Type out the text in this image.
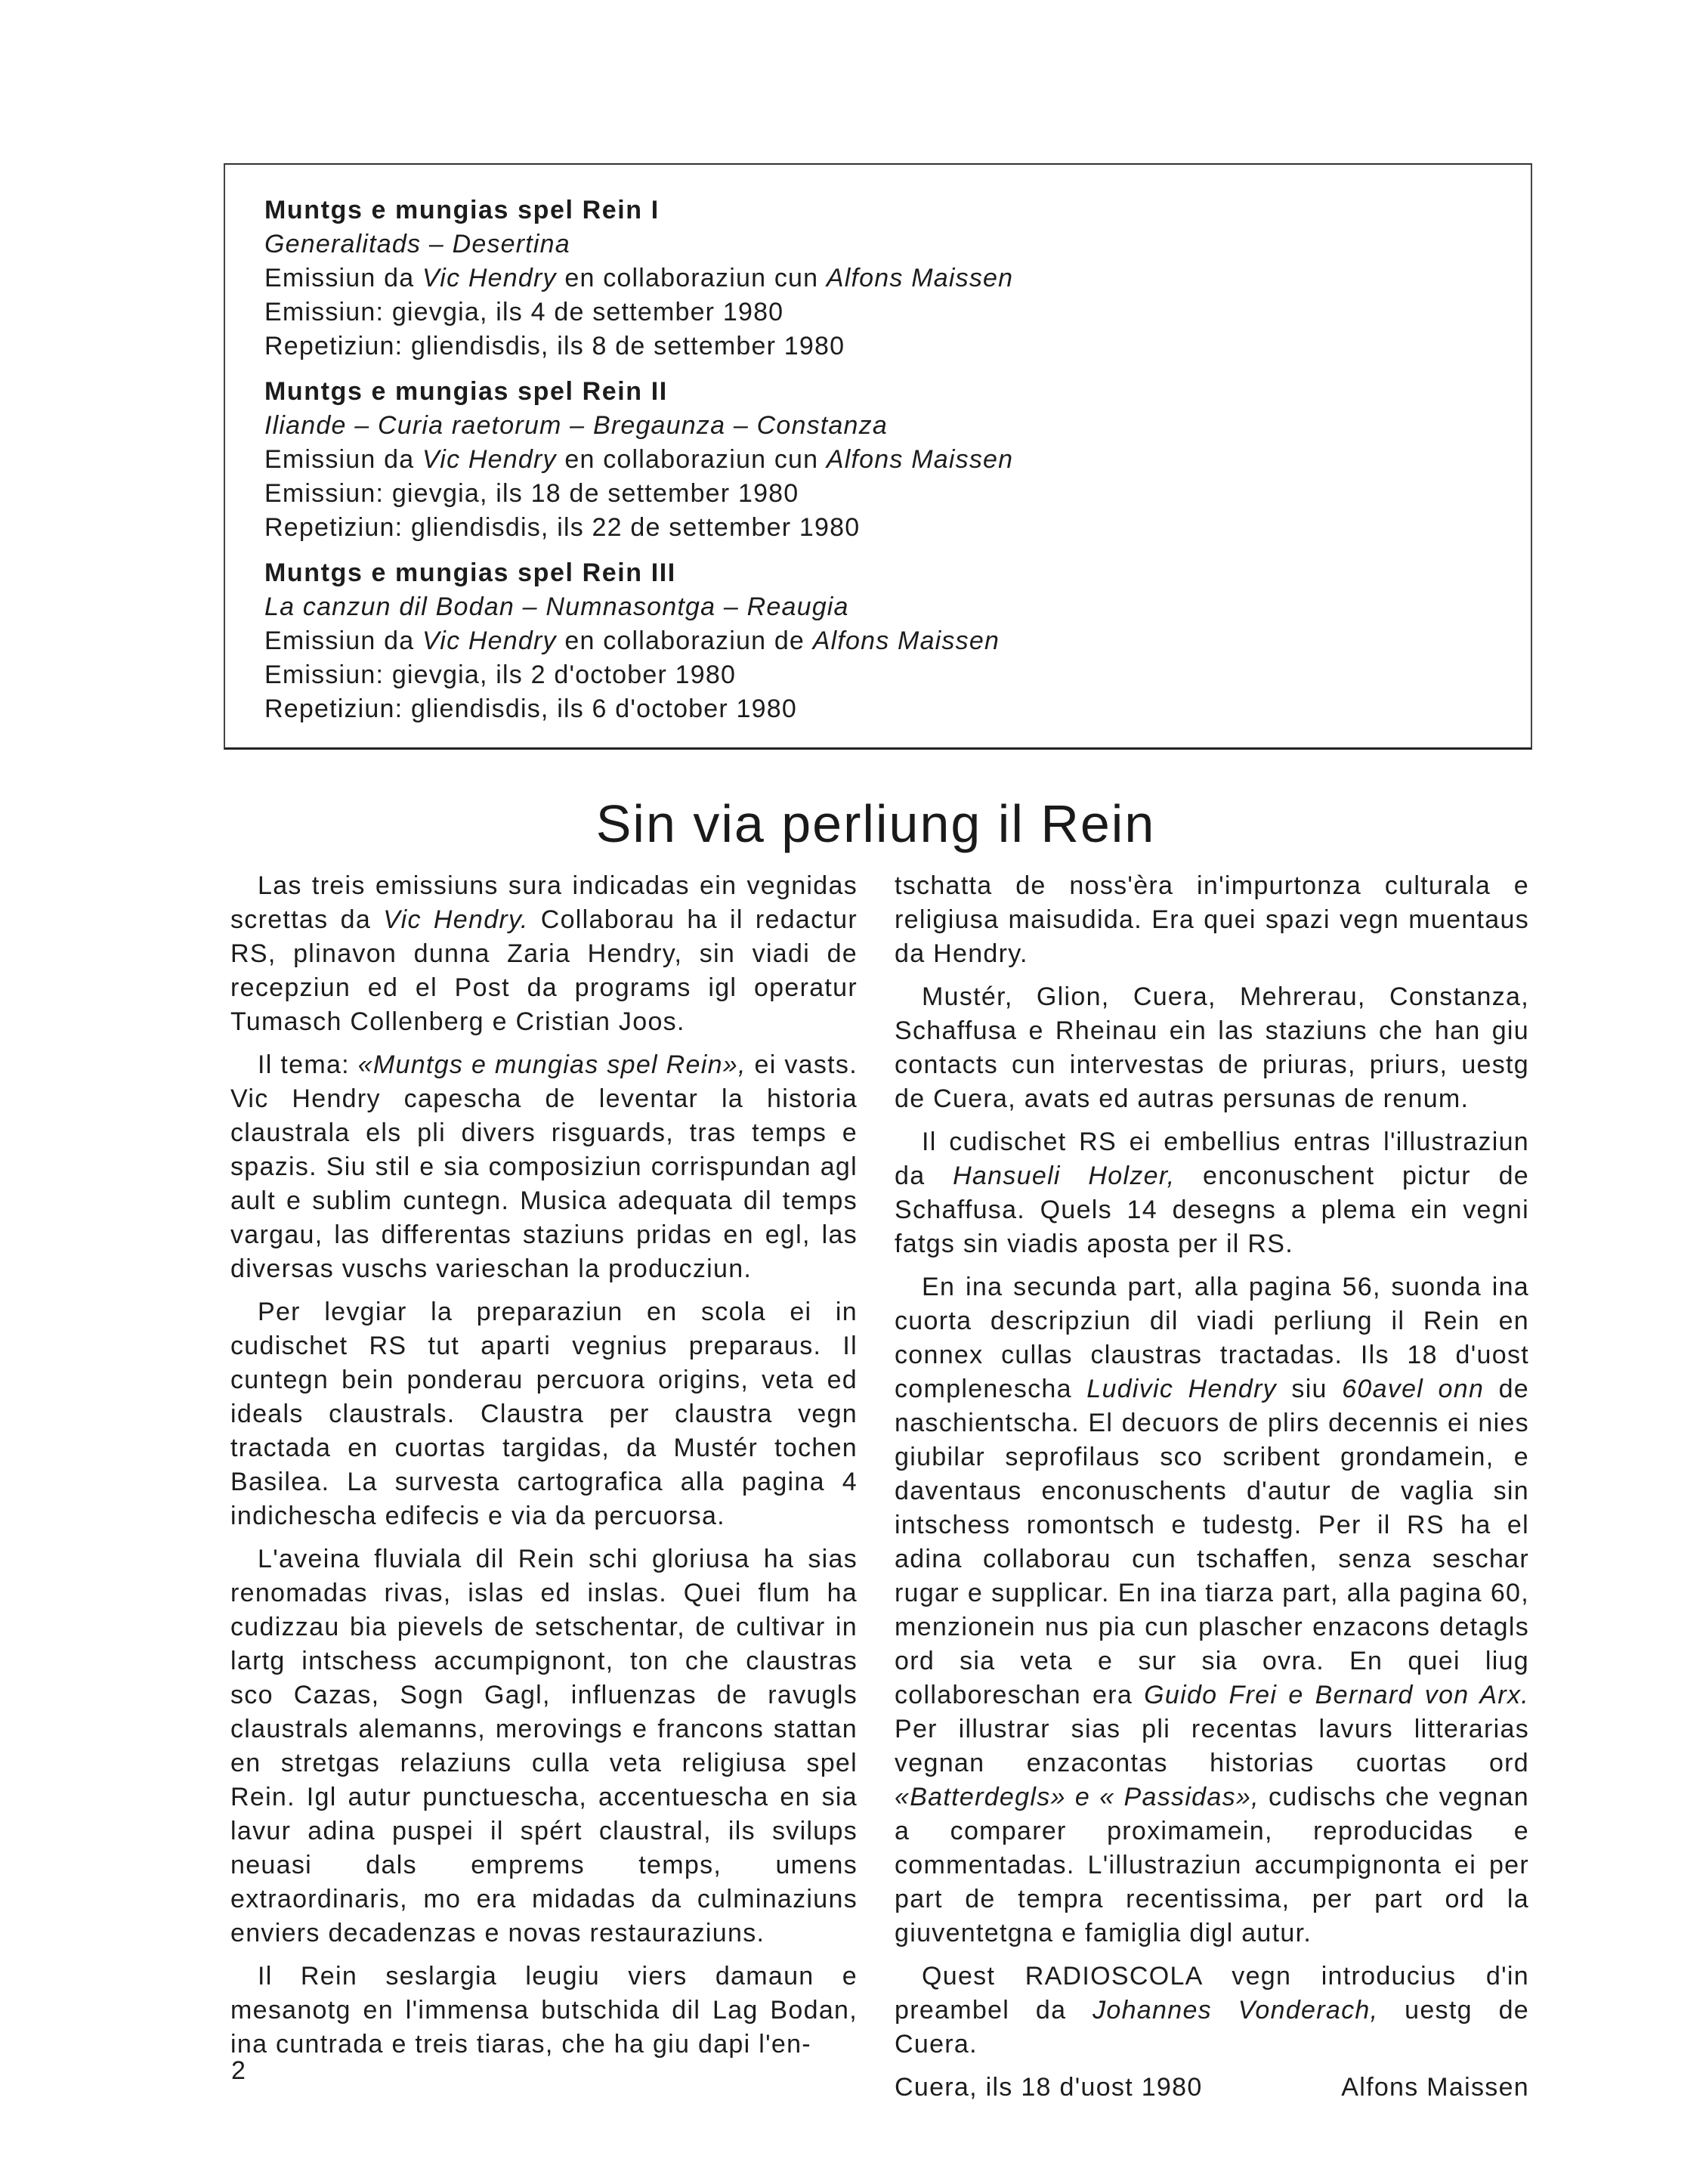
Muntgs e mungias spel Rein I
Generalitads – Desertina
Emissiun da Vic Hendry en collaboraziun cun Alfons Maissen
Emissiun: gievgia, ils 4 de settember 1980
Repetiziun: gliendisdis, ils 8 de settember 1980
Muntgs e mungias spel Rein II
Iliande – Curia raetorum – Bregaunza – Constanza
Emissiun da Vic Hendry en collaboraziun cun Alfons Maissen
Emissiun: gievgia, ils 18 de settember 1980
Repetiziun: gliendisdis, ils 22 de settember 1980
Muntgs e mungias spel Rein III
La canzun dil Bodan – Numnasontga – Reaugia
Emissiun da Vic Hendry en collaboraziun de Alfons Maissen
Emissiun: gievgia, ils 2 d'october 1980
Repetiziun: gliendisdis, ils 6 d'october 1980
Sin via perliung il Rein

Las treis emissiuns sura indicadas ein vegnidas screttas da Vic Hendry. Collaborau ha il redactur RS, plinavon dunna Zaria Hendry, sin viadi de recepziun ed el Post da programs igl operatur Tumasch Collenberg e Cristian Joos.

Il tema: «Muntgs e mungias spel Rein», ei vasts. Vic Hendry capescha de leventar la historia claustrala els pli divers risguards, tras temps e spazis. Siu stil e sia composiziun corrispundan agl ault e sublim cuntegn. Musica adequata dil temps vargau, las differentas staziuns pridas en egl, las diversas vuschs varieschan la producziun.

Per levgiar la preparaziun en scola ei in cudischet RS tut aparti vegnius preparaus. Il cuntegn bein ponderau percuora origins, veta ed ideals claustrals. Claustra per claustra vegn tractada en cuortas targidas, da Mustér tochen Basilea. La survesta cartografica alla pagina 4 indichescha edifecis e via da percuorsa.

L'aveina fluviala dil Rein schi gloriusa ha sias renomadas rivas, islas ed inslas. Quei flum ha cudizzau bia pievels de setschentar, de cultivar in lartg intschess accumpignont, ton che claustras sco Cazas, Sogn Gagl, influenzas de ravugls claustrals alemanns, merovings e francons stattan en stretgas relaziuns culla veta religiusa spel Rein. Igl autur punctuescha, accentuescha en sia lavur adina puspei il spért claustral, ils svilups neuasi dals emprems temps, umens extraordinaris, mo era midadas da culminaziuns enviers decadenzas e novas restauraziuns.

Il Rein seslargia leugiu viers damaun e mesanotg en l'immensa butschida dil Lag Bodan, ina cuntrada e treis tiaras, che ha giu dapi l'en-

tschatta de noss'èra in'impurtonza culturala e religiusa maisudida. Era quei spazi vegn muentaus da Hendry.

Mustér, Glion, Cuera, Mehrerau, Constanza, Schaffusa e Rheinau ein las staziuns che han giu contacts cun intervestas de priuras, priurs, uestg de Cuera, avats ed autras persunas de renum.

Il cudischet RS ei embellius entras l'illustraziun da Hansueli Holzer, enconuschent pictur de Schaffusa. Quels 14 desegns a plema ein vegni fatgs sin viadis aposta per il RS.

En ina secunda part, alla pagina 56, suonda ina cuorta descripziun dil viadi perliung il Rein en connex cullas claustras tractadas. Ils 18 d'uost complenescha Ludivic Hendry siu 60avel onn de naschientscha. El decuors de plirs decennis ei nies giubilar seprofilaus sco scribent grondamein, e daventaus enconuschents d'autur de vaglia sin intschess romontsch e tudestg. Per il RS ha el adina collaborau cun tschaffen, senza seschar rugar e supplicar. En ina tiarza part, alla pagina 60, menzionein nus pia cun plascher enzacons detagls ord sia veta e sur sia ovra. En quei liug collaboreschan era Guido Frei e Bernard von Arx. Per illustrar sias pli recentas lavurs litterarias vegnan enzacontas historias cuortas ord «Batterdegls» e « Passidas», cudischs che vegnan a comparer proximamein, reproducidas e commentadas. L'illustraziun accumpignonta ei per part de tempra recentissima, per part ord la giuventetgna e famiglia digl autur.

Quest RADIOSCOLA vegn introducius d'in preambel da Johannes Vonderach, uestg de Cuera.

Cuera, ils 18 d'uost 1980	Alfons Maissen
2
